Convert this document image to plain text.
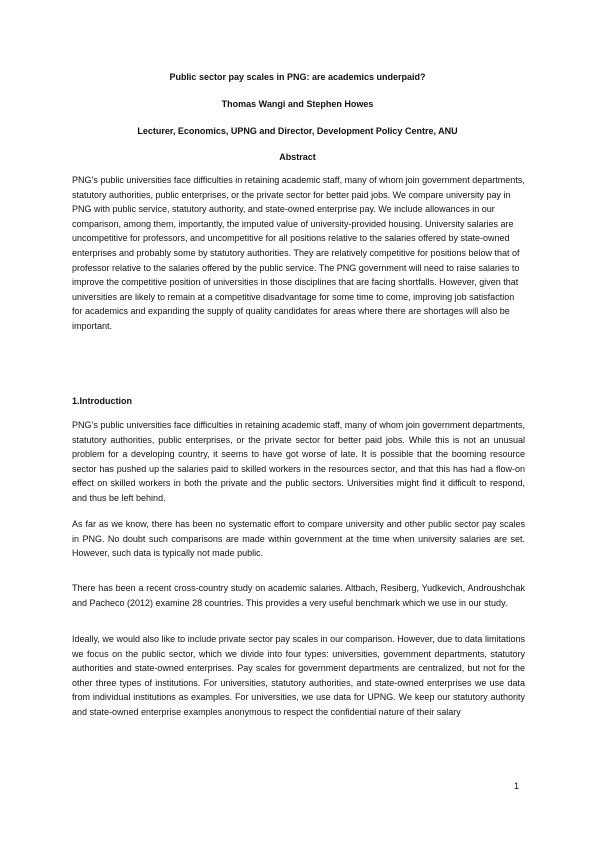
Public sector pay scales in PNG: are academics underpaid?
Thomas Wangi and Stephen Howes
Lecturer, Economics, UPNG and Director, Development Policy Centre, ANU
Abstract

PNG’s public universities face difficulties in retaining academic staff, many of whom join government departments, statutory authorities, public enterprises, or the private sector for better paid jobs. We compare university pay in PNG with public service, statutory authority, and state-owned enterprise pay. We include allowances in our comparison, among them, importantly, the imputed value of university-provided housing. University salaries are uncompetitive for professors, and uncompetitive for all positions relative to the salaries offered by state-owned enterprises and probably some by statutory authorities. They are relatively competitive for positions below that of professor relative to the salaries offered by the public service. The PNG government will need to raise salaries to improve the competitive position of universities in those disciplines that are facing shortfalls. However, given that universities are likely to remain at a competitive disadvantage for some time to come, improving job satisfaction for academics and expanding the supply of quality candidates for areas where there are shortages will also be important.

1.Introduction

PNG’s public universities face difficulties in retaining academic staff, many of whom join government departments, statutory authorities, public enterprises, or the private sector for better paid jobs. While this is not an unusual problem for a developing country, it seems to have got worse of late. It is possible that the booming resource sector has pushed up the salaries paid to skilled workers in the resources sector, and that this has had a flow-on effect on skilled workers in both the private and the public sectors. Universities might find it difficult to respond, and thus be left behind.

As far as we know, there has been no systematic effort to compare university and other public sector pay scales in PNG. No doubt such comparisons are made within government at the time when university salaries are set. However, such data is typically not made public.

There has been a recent cross-country study on academic salaries. Altbach, Resiberg, Yudkevich, Androushchak and Pacheco (2012) examine 28 countries. This provides a very useful benchmark which we use in our study.

Ideally, we would also like to include private sector pay scales in our comparison. However, due to data limitations we focus on the public sector, which we divide into four types: universities, government departments, statutory authorities and state-owned enterprises. Pay scales for government departments are centralized, but not for the other three types of institutions. For universities, statutory authorities, and state-owned enterprises we use data from individual institutions as examples. For universities, we use data for UPNG. We keep our statutory authority and state-owned enterprise examples anonymous to respect the confidential nature of their salary

1
